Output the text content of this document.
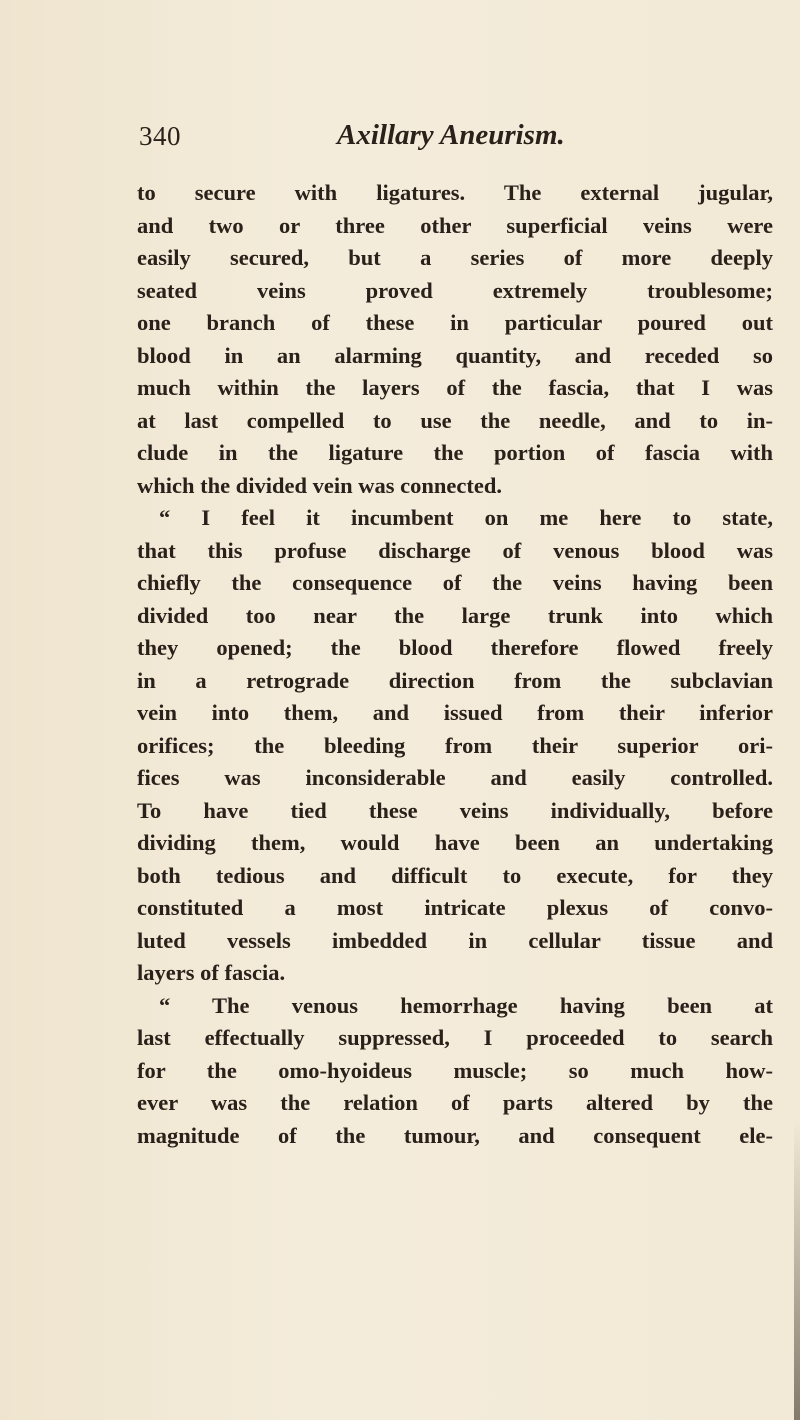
340	Axillary Aneurism.
to secure with ligatures. The external jugular,
and two or three other superficial veins were
easily secured, but a series of more deeply
seated veins proved extremely troublesome;
one branch of these in particular poured out
blood in an alarming quantity, and receded so
much within the layers of the fascia, that I was
at last compelled to use the needle, and to in-
clude in the ligature the portion of fascia with
which the divided vein was connected.
“ I feel it incumbent on me here to state,
that this profuse discharge of venous blood was
chiefly the consequence of the veins having been
divided too near the large trunk into which
they opened; the blood therefore flowed freely
in a retrograde direction from the subclavian
vein into them, and issued from their inferior
orifices; the bleeding from their superior ori-
fices was inconsiderable and easily controlled.
To have tied these veins individually, before
dividing them, would have been an undertaking
both tedious and difficult to execute, for they
constituted a most intricate plexus of convo-
luted vessels imbedded in cellular tissue and
layers of fascia.
“ The venous hemorrhage having been at
last effectually suppressed, I proceeded to search
for the omo-hyoideus muscle; so much how-
ever was the relation of parts altered by the
magnitude of the tumour, and consequent ele-
